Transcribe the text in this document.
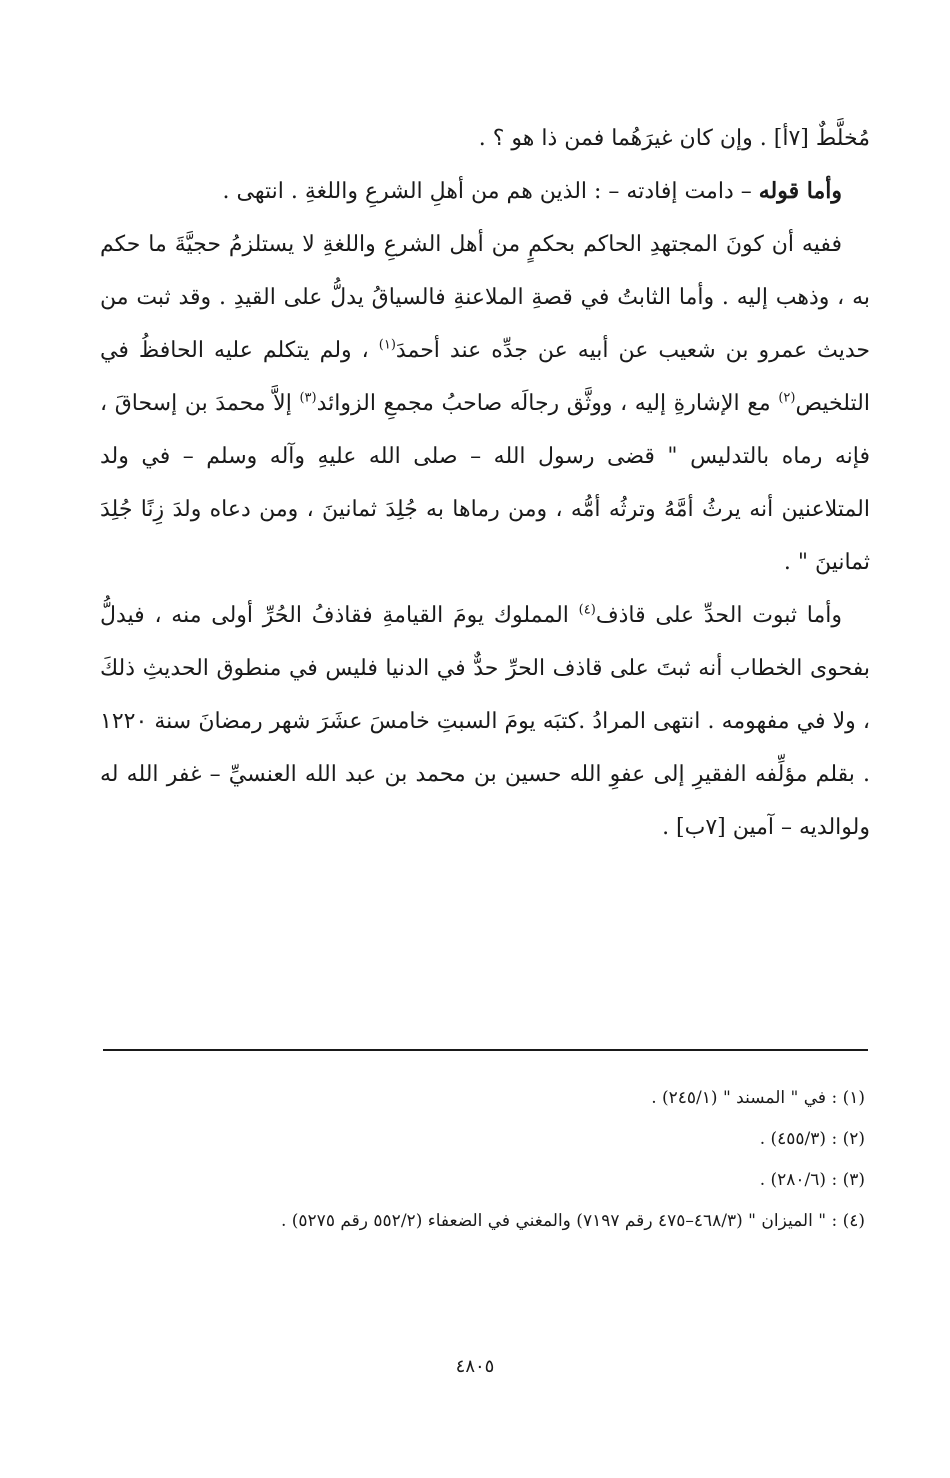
مُخلَّطٌ [٧أ] . وإن كان غيرَهُما فمن ذا هو ؟ .

وأما قوله – دامت إفادته – : الذين هم من أهلِ الشرعِ واللغةِ . انتهى .

ففيه أن كونَ المجتهدِ الحاكم بحكمٍ من أهل الشرعِ واللغةِ لا يستلزمُ حجيَّةَ ما حكم به ، وذهب إليه . وأما الثابتُ في قصةِ الملاعنةِ فالسياقُ يدلُّ على القيدِ . وقد ثبت من حديث عمرو بن شعيب عن أبيه عن جدِّه عند أحمدَ$^{(١)}$ ، ولم يتكلم عليه الحافظُ في التلخيص$^{(٢)}$ مع الإشارةِ إليه ، ووثَّق رجالَه صاحبُ مجمعِ الزوائد$^{(٣)}$ إلاَّ محمدَ بن إسحاقَ ، فإنه رماه بالتدليس " قضى رسول الله – صلى الله عليهِ وآله وسلم – في ولد المتلاعنين أنه يرثُ أمَّهُ وترثُه أمُّه ، ومن رماها به جُلِدَ ثمانينَ ، ومن دعاه ولدَ زِنًا جُلِدَ ثمانينَ " .

وأما ثبوت الحدِّ على قاذف$^{(٤)}$ المملوك يومَ القيامةِ فقاذفُ الحُرِّ أولى منه ، فيدلُّ بفحوى الخطاب أنه ثبتَ على قاذف الحرِّ حدٌّ في الدنيا فليس في منطوق الحديثِ ذلكَ ، ولا في مفهومه . انتهى المرادُ .كتبَه يومَ السبتِ خامسَ عشَرَ شهر رمضانَ سنة ١٢٢٠ . بقلم مؤلِّفه الفقيرِ إلى عفوِ الله حسين بن محمد بن عبد الله العنسيِّ – غفر الله له ولوالديه – آمين [٧ب] .

(١) : في " المسند " (٢٤٥/١) .
(٢) : (٤٥٥/٣) .
(٣) : (٢٨٠/٦) .
(٤) : " الميزان " (٤٦٨/٣–٤٧٥ رقم ٧١٩٧) والمغني في الضعفاء (٥٥٢/٢ رقم ٥٢٧٥) .
٤٨٠٥
